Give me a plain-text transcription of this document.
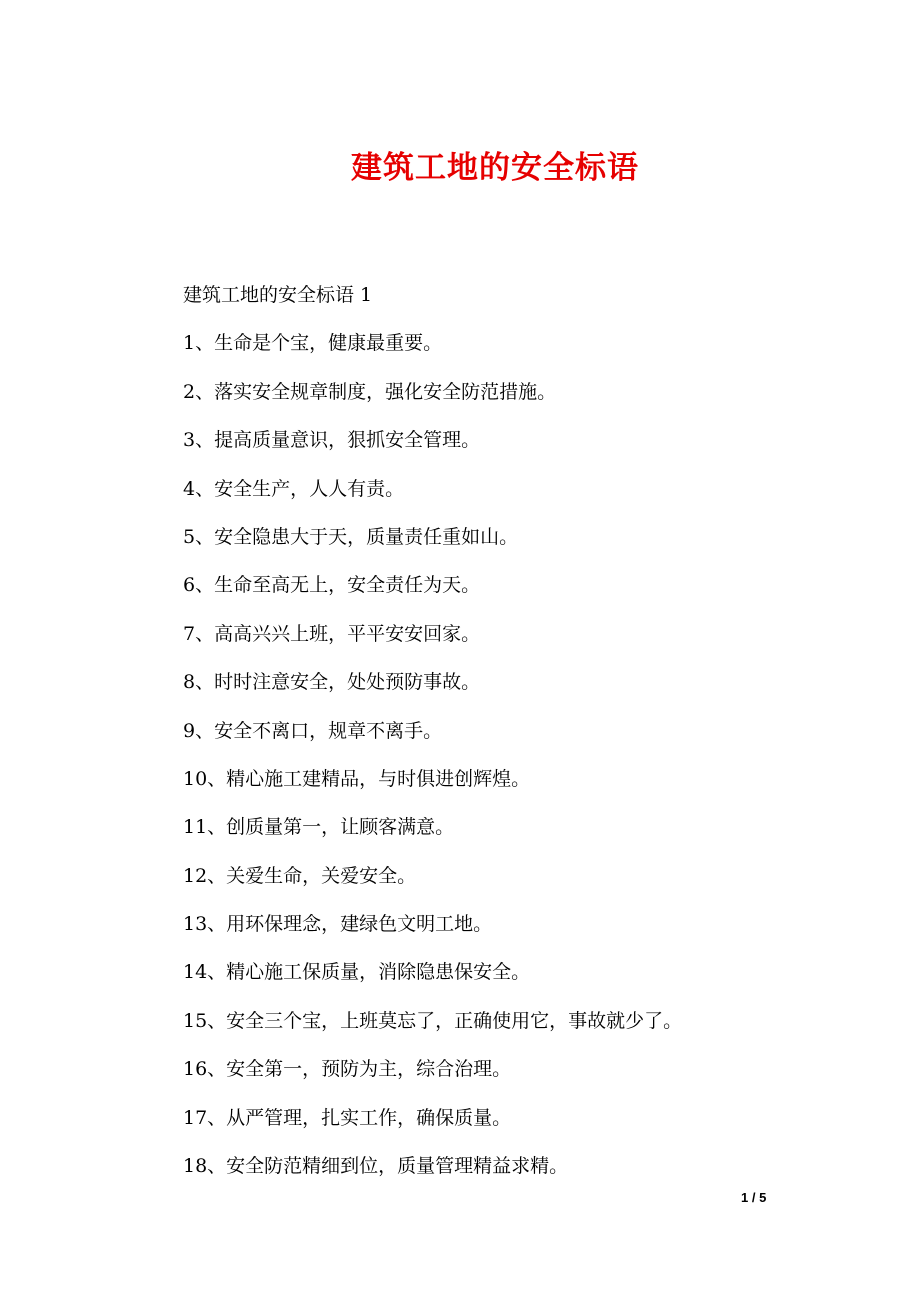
建筑工地的安全标语
建筑工地的安全标语 1
1、生命是个宝，健康最重要。
2、落实安全规章制度，强化安全防范措施。
3、提高质量意识，狠抓安全管理。
4、安全生产，人人有责。
5、安全隐患大于天，质量责任重如山。
6、生命至高无上，安全责任为天。
7、高高兴兴上班，平平安安回家。
8、时时注意安全，处处预防事故。
9、安全不离口，规章不离手。
10、精心施工建精品，与时俱进创辉煌。
11、创质量第一，让顾客满意。
12、关爱生命，关爱安全。
13、用环保理念，建绿色文明工地。
14、精心施工保质量，消除隐患保安全。
15、安全三个宝，上班莫忘了，正确使用它，事故就少了。
16、安全第一，预防为主，综合治理。
17、从严管理，扎实工作，确保质量。
18、安全防范精细到位，质量管理精益求精。
1 / 5
